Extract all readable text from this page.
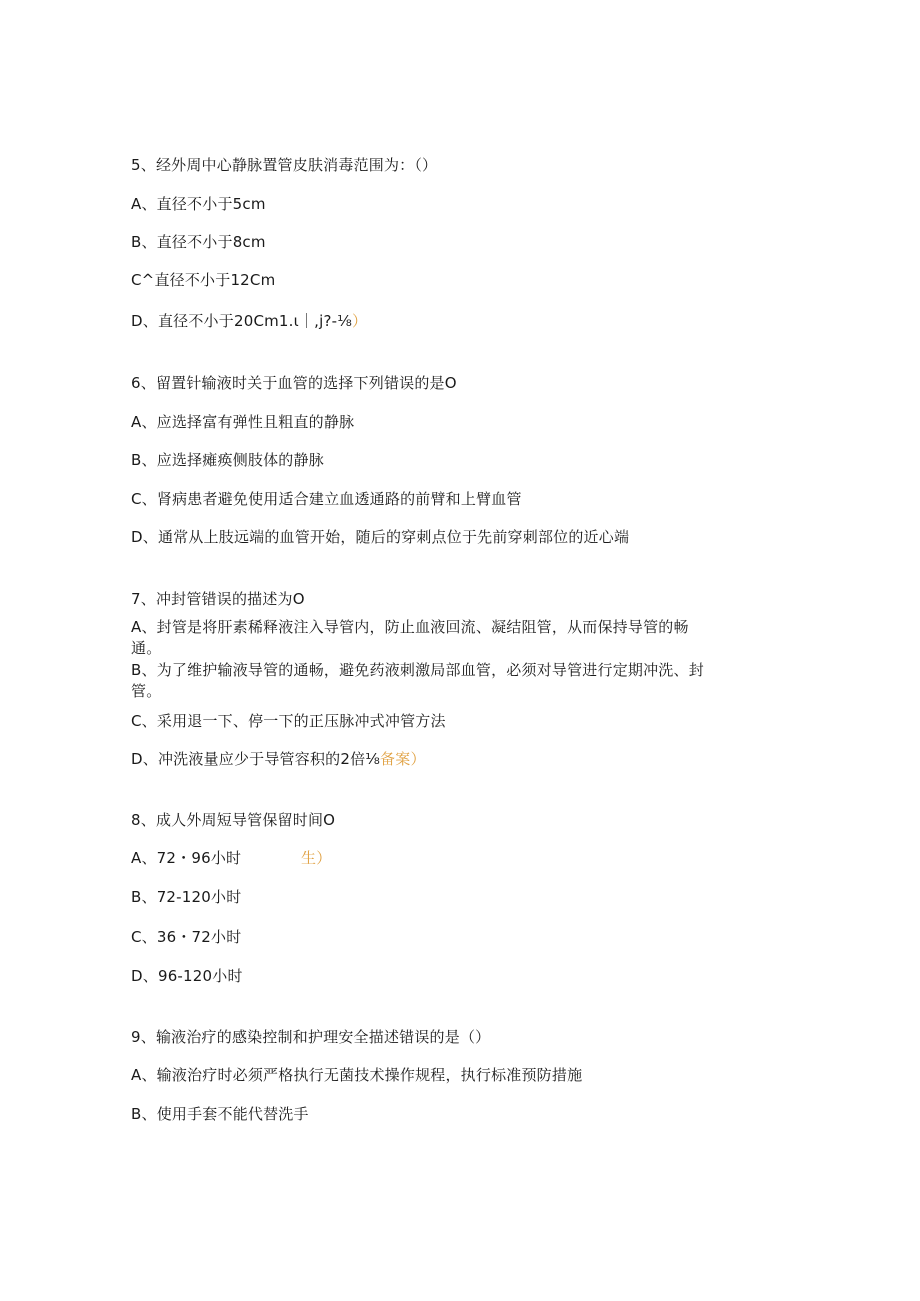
5、经外周中心静脉置管皮肤消毒范围为：（）
A、直径不小于5cm
B、直径不小于8cm
C^直径不小于12Cm
D、直径不小于20Cm1.ι｜,j?-⅛）
6、留置针输液时关于血管的选择下列错误的是O
A、应选择富有弹性且粗直的静脉
B、应选择瘫痪侧肢体的静脉
C、肾病患者避免使用适合建立血透通路的前臂和上臂血管
D、通常从上肢远端的血管开始，随后的穿刺点位于先前穿刺部位的近心端
7、冲封管错误的描述为O
A、封管是将肝素稀释液注入导管内，防止血液回流、凝结阻管，从而保持导管的畅
通。
B、为了维护输液导管的通畅，避免药液刺激局部血管，必须对导管进行定期冲洗、封
管。
C、采用退一下、停一下的正压脉冲式冲管方法
D、冲洗液量应少于导管容积的2倍⅛备案）
8、成人外周短导管保留时间O
A、72・96小时	生）
B、72-120小时
C、36・72小时
D、96-120小时
9、输液治疗的感染控制和护理安全描述错误的是（）
A、输液治疗时必须严格执行无菌技术操作规程，执行标准预防措施
B、使用手套不能代替洗手
